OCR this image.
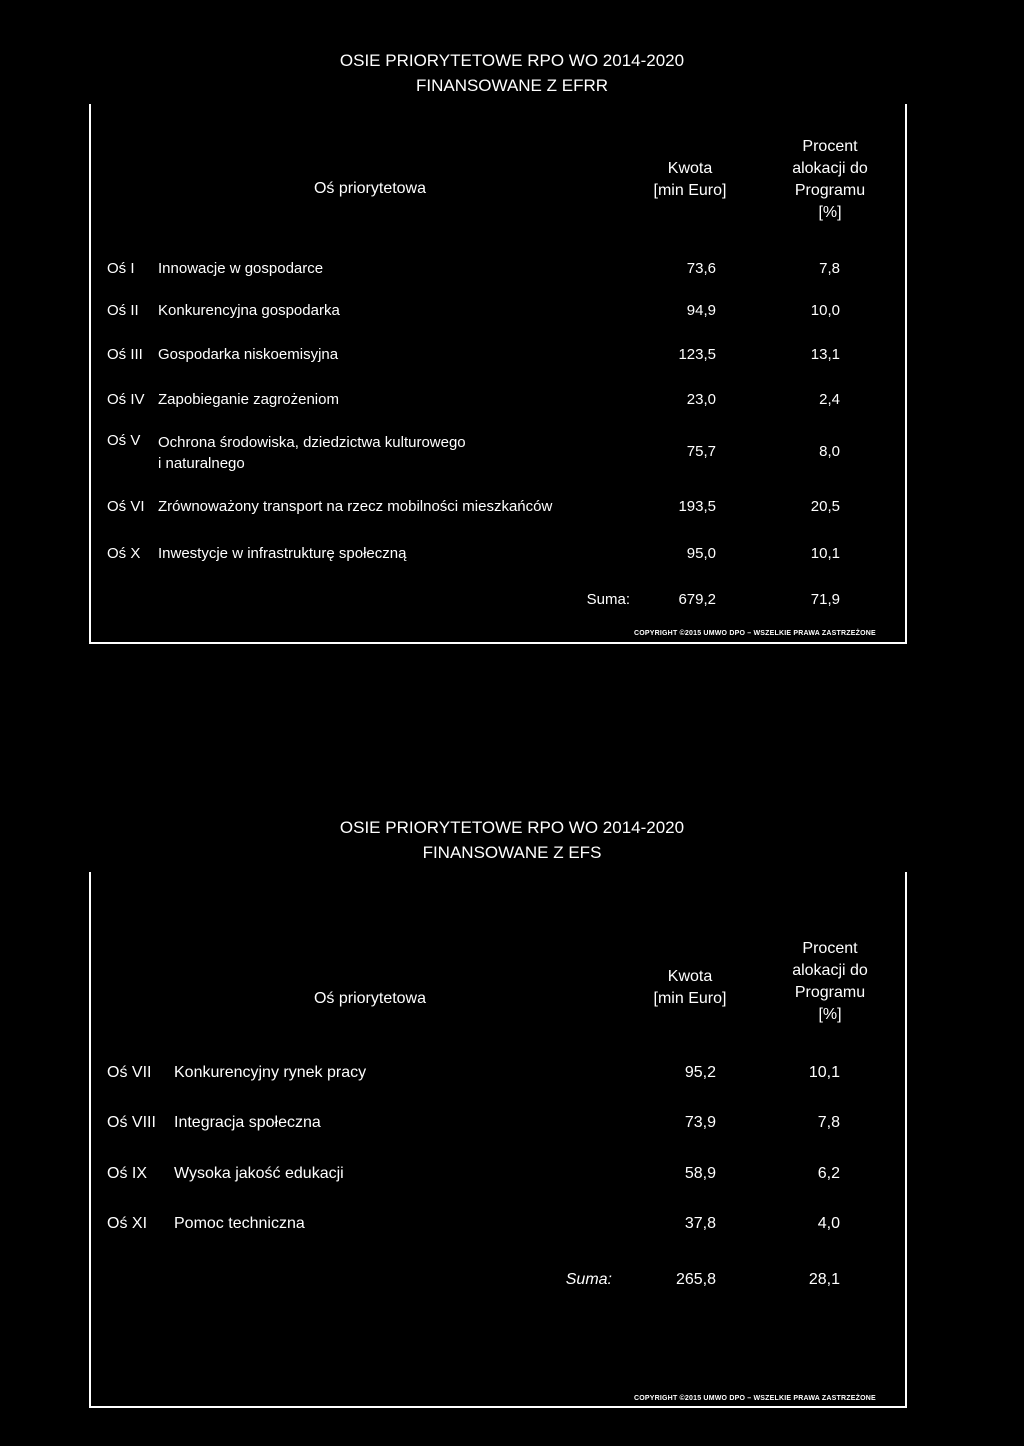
OSIE PRIORYTETOWE RPO WO 2014-2020
FINANSOWANE Z EFRR
Oś priorytetowa
Kwota
[min Euro]
Procent
alokacji do
Programu
[%]
Oś I Innowacje w gospodarce	73,6	7,8
Oś II Konkurencyjna gospodarka	94,9	10,0
Oś III Gospodarka niskoemisyjna	123,5	13,1
Oś IV Zapobieganie zagrożeniom	23,0	2,4
Oś V Ochrona środowiska, dziedzictwa kulturowego
i naturalnego
75,7	8,0
Oś VI Zrównoważony transport na rzecz mobilności mieszkańców	193,5	20,5
Oś X Inwestycje w infrastrukturę społeczną	95,0	10,1
Suma:	679,2	71,9
COPYRIGHT ©2015 UMWO DPO – WSZELKIE PRAWA ZASTRZEŻONE
OSIE PRIORYTETOWE RPO WO 2014-2020
FINANSOWANE Z EFS
Oś priorytetowa
Kwota
[min Euro]
Procent
alokacji do
Programu
[%]
Oś VII Konkurencyjny rynek pracy	95,2	10,1
Oś VIII Integracja społeczna	73,9	7,8
Oś IX Wysoka jakość edukacji	58,9	6,2
Oś XI Pomoc techniczna	37,8	4,0
Suma:	265,8	28,1
COPYRIGHT ©2015 UMWO DPO – WSZELKIE PRAWA ZASTRZEŻONE
